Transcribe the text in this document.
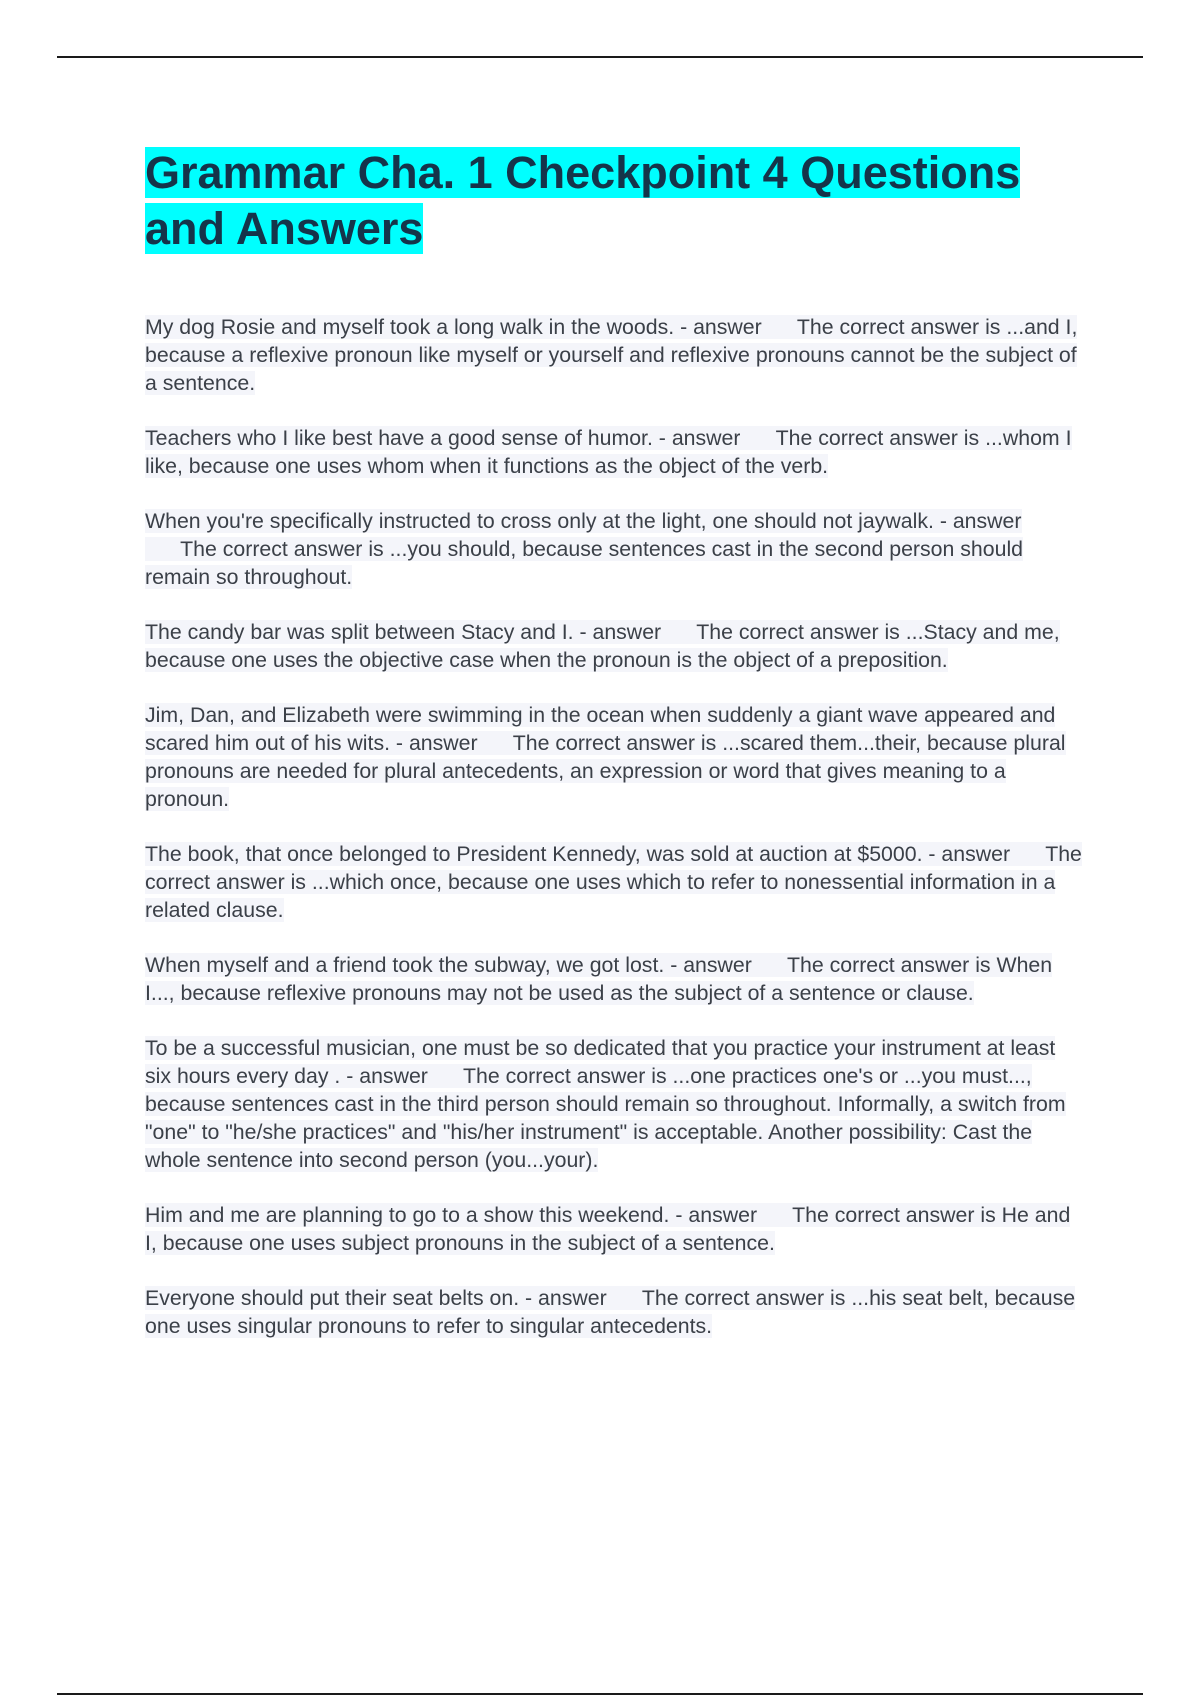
Grammar Cha. 1 Checkpoint 4 Questions and Answers

My dog Rosie and myself took a long walk in the woods. - answer The correct answer is ...and I, because a reflexive pronoun like myself or yourself and reflexive pronouns cannot be the subject of a sentence.

Teachers who I like best have a good sense of humor. - answer The correct answer is ...whom I like, because one uses whom when it functions as the object of the verb.

When you're specifically instructed to cross only at the light, one should not jaywalk. - answer      The correct answer is ...you should, because sentences cast in the second person should remain so throughout.

The candy bar was split between Stacy and I. - answer The correct answer is ...Stacy and me, because one uses the objective case when the pronoun is the object of a preposition.

Jim, Dan, and Elizabeth were swimming in the ocean when suddenly a giant wave appeared and scared him out of his wits. - answer The correct answer is ...scared them...their, because plural pronouns are needed for plural antecedents, an expression or word that gives meaning to a pronoun.

The book, that once belonged to President Kennedy, was sold at auction at $5000. - answer The correct answer is ...which once, because one uses which to refer to nonessential information in a related clause.

When myself and a friend took the subway, we got lost. - answer The correct answer is When I..., because reflexive pronouns may not be used as the subject of a sentence or clause.

To be a successful musician, one must be so dedicated that you practice your instrument at least six hours every day . - answer The correct answer is ...one practices one's or ...you must..., because sentences cast in the third person should remain so throughout. Informally, a switch from "one" to "he/she practices" and "his/her instrument" is acceptable. Another possibility: Cast the whole sentence into second person (you...your).

Him and me are planning to go to a show this weekend. - answer The correct answer is He and I, because one uses subject pronouns in the subject of a sentence.

Everyone should put their seat belts on. - answer The correct answer is ...his seat belt, because one uses singular pronouns to refer to singular antecedents.
